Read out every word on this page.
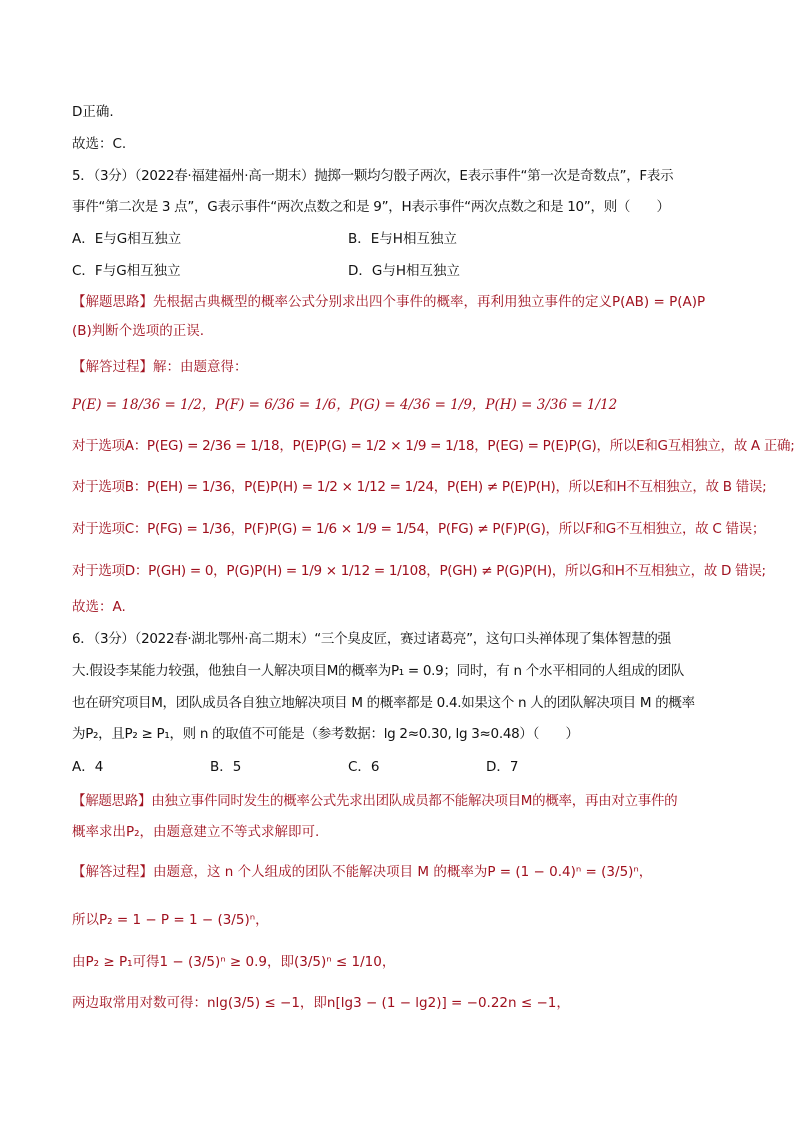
D正确.
故选：C.
5．（3分）（2022春·福建福州·高一期末）抛掷一颗均匀骰子两次，E表示事件“第一次是奇数点”，F表示
事件“第二次是 3 点”，G表示事件“两次点数之和是 9”，H表示事件“两次点数之和是 10”，则（　　）
A．E与G相互独立	B．E与H相互独立
C．F与G相互独立	D．G与H相互独立
【解题思路】先根据古典概型的概率公式分别求出四个事件的概率，再利用独立事件的定义P(AB) = P(A)P
(B)判断个选项的正误.
【解答过程】解：由题意得：
P(E) = 18/36 = 1/2，P(F) = 6/36 = 1/6，P(G) = 4/36 = 1/9，P(H) = 3/36 = 1/12
对于选项A：P(EG) = 2/36 = 1/18，P(E)P(G) = 1/2 × 1/9 = 1/18，P(EG) = P(E)P(G)，所以E和G互相独立，故 A 正确;
对于选项B：P(EH) = 1/36，P(E)P(H) = 1/2 × 1/12 = 1/24，P(EH) ≠ P(E)P(H)，所以E和H不互相独立，故 B 错误;
对于选项C：P(FG) = 1/36，P(F)P(G) = 1/6 × 1/9 = 1/54，P(FG) ≠ P(F)P(G)，所以F和G不互相独立，故 C 错误；
对于选项D：P(GH) = 0，P(G)P(H) = 1/9 × 1/12 = 1/108，P(GH) ≠ P(G)P(H)，所以G和H不互相独立，故 D 错误;
故选：A.
6．（3分）（2022春·湖北鄂州·高二期末）“三个臭皮匠，赛过诸葛亮”，这句口头禅体现了集体智慧的强
大.假设李某能力较强，他独自一人解决项目M的概率为P₁ = 0.9；同时，有 n 个水平相同的人组成的团队
也在研究项目M，团队成员各自独立地解决项目 M 的概率都是 0.4.如果这个 n 人的团队解决项目 M 的概率
为P₂，且P₂ ≥ P₁，则 n 的取值不可能是（参考数据：lg 2≈0.30, lg 3≈0.48）（　　）
A．4	B．5	C．6	D．7
【解题思路】由独立事件同时发生的概率公式先求出团队成员都不能解决项目M的概率，再由对立事件的
概率求出P₂，由题意建立不等式求解即可.
【解答过程】由题意，这 n 个人组成的团队不能解决项目 M 的概率为P = (1 − 0.4)ⁿ = (3/5)ⁿ，
所以P₂ = 1 − P = 1 − (3/5)ⁿ，
由P₂ ≥ P₁可得1 − (3/5)ⁿ ≥ 0.9，即(3/5)ⁿ ≤ 1/10，
两边取常用对数可得：nlg(3/5) ≤ −1，即n[lg3 − (1 − lg2)] = −0.22n ≤ −1，
